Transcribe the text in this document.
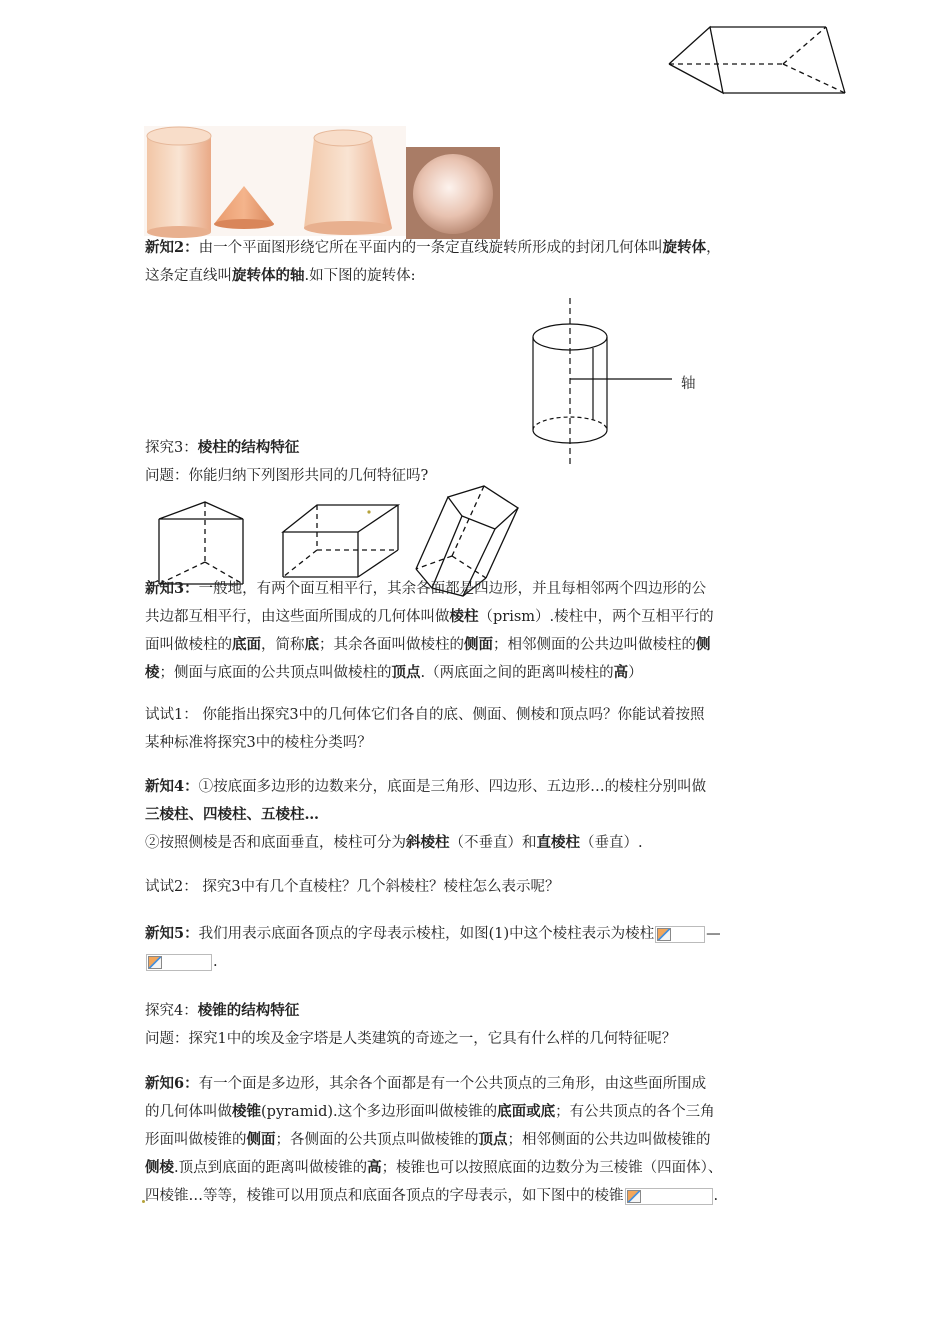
新知2：由一个平面图形绕它所在平面内的一条定直线旋转所形成的封闭几何体叫旋转体，
这条定直线叫旋转体的轴.如下图的旋转体:
轴
探究3：棱柱的结构特征
问题：你能归纳下列图形共同的几何特征吗?
新知3：一般地，有两个面互相平行，其余各面都是四边形，并且每相邻两个四边形的公
共边都互相平行，由这些面所围成的几何体叫做棱柱（prism）.棱柱中，两个互相平行的
面叫做棱柱的底面，简称底；其余各面叫做棱柱的侧面；相邻侧面的公共边叫做棱柱的侧
棱；侧面与底面的公共顶点叫做棱柱的顶点.（两底面之间的距离叫棱柱的高）
试试1： 你能指出探究3中的几何体它们各自的底、侧面、侧棱和顶点吗？你能试着按照
某种标准将探究3中的棱柱分类吗？
新知4：①按底面多边形的边数来分，底面是三角形、四边形、五边形…的棱柱分别叫做
三棱柱、四棱柱、五棱柱…
②按照侧棱是否和底面垂直，棱柱可分为斜棱柱（不垂直）和直棱柱（垂直）.
试试2： 探究3中有几个直棱柱？几个斜棱柱？棱柱怎么表示呢？
新知5：我们用表示底面各顶点的字母表示棱柱，如图(1)中这个棱柱表示为棱柱	—
.
探究4：棱锥的结构特征
问题：探究1中的埃及金字塔是人类建筑的奇迹之一，它具有什么样的几何特征呢？
新知6：有一个面是多边形，其余各个面都是有一个公共顶点的三角形，由这些面所围成
的几何体叫做棱锥(pyramid).这个多边形面叫做棱锥的底面或底；有公共顶点的各个三角
形面叫做棱锥的侧面；各侧面的公共顶点叫做棱锥的顶点；相邻侧面的公共边叫做棱锥的
侧棱.顶点到底面的距离叫做棱锥的高；棱锥也可以按照底面的边数分为三棱锥（四面体）、
四棱锥…等等，棱锥可以用顶点和底面各顶点的字母表示，如下图中的棱锥	.
